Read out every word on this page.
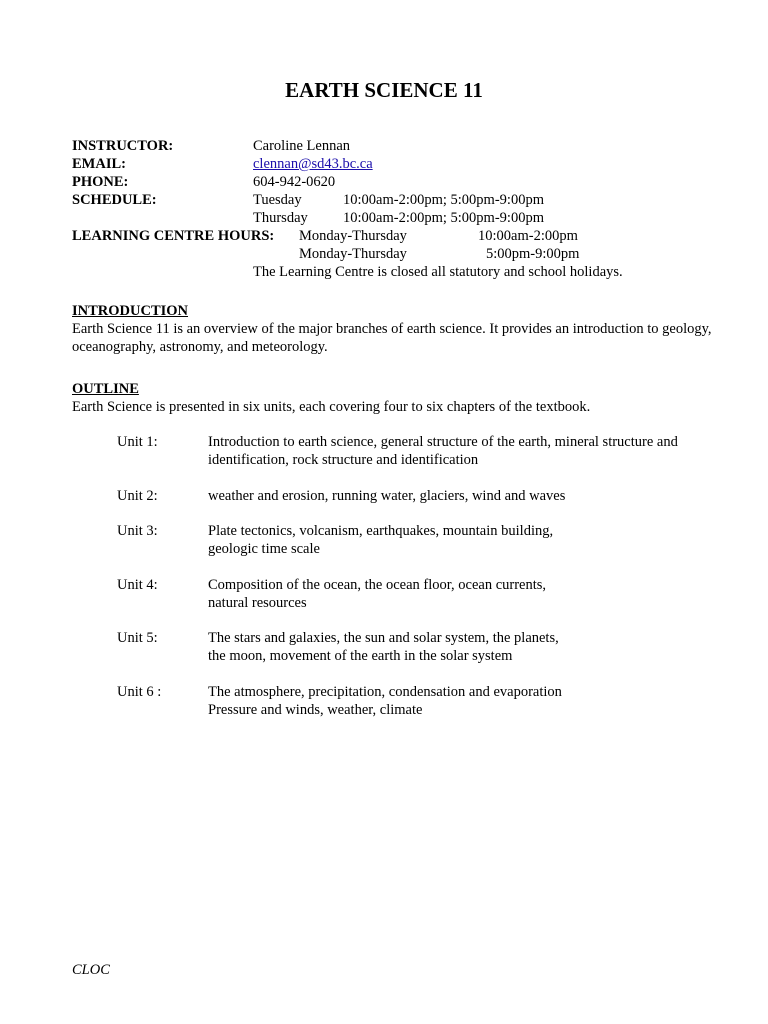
EARTH SCIENCE 11
INSTRUCTOR:	Caroline Lennan
EMAIL:	clennan@sd43.bc.ca
PHONE:	604-942-0620
SCHEDULE:	Tuesday	10:00am-2:00pm; 5:00pm-9:00pm
Thursday 10:00am-2:00pm; 5:00pm-9:00pm
LEARNING CENTRE HOURS: Monday-Thursday	10:00am-2:00pm
Monday-Thursday	5:00pm-9:00pm
The Learning Centre is closed all statutory and school holidays.
INTRODUCTION
Earth Science 11 is an overview of the major branches of earth science. It provides an introduction to geology, oceanography, astronomy, and meteorology.
OUTLINE
Earth Science is presented in six units, each covering four to six chapters of the textbook.
Unit 1:	Introduction to earth science, general structure of the earth, mineral structure and
identification, rock structure and identification
Unit 2:	weather and erosion, running water, glaciers, wind and waves
Unit 3:	Plate tectonics, volcanism, earthquakes, mountain building,
geologic time scale
Unit 4:	Composition of the ocean, the ocean floor, ocean currents,
natural resources
Unit 5:	The stars and galaxies, the sun and solar system, the planets,
the moon, movement of the earth in the solar system
Unit 6 :	The atmosphere, precipitation, condensation and evaporation
Pressure and winds, weather, climate
CLOC
